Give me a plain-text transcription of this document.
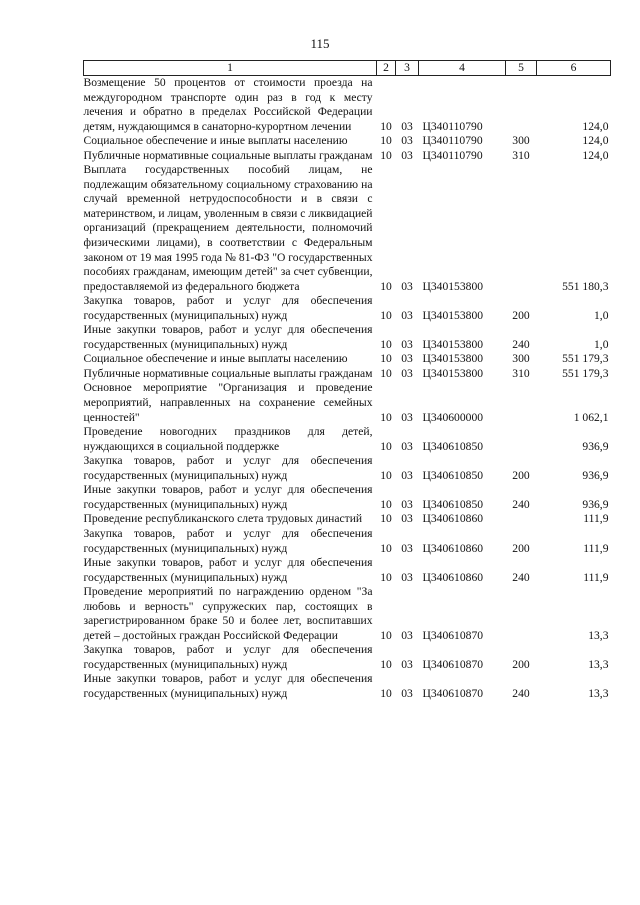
115
1	2	3	4	5	6
Возмещение 50 процентов от стоимости проезда на междугородном транспорте один раз в год к месту лечения и обратно в пределах Российской Федерации детям, нуждающимся в санаторно-курортном лечении	10	03	Ц340110790		124,0
Социальное обеспечение и иные выплаты населению	10	03	Ц340110790	300	124,0
Публичные нормативные социальные выплаты гражданам	10	03	Ц340110790	310	124,0
Выплата государственных пособий лицам, не подлежащим обязательному социальному страхованию на случай временной нетрудоспособности и в связи с материнством, и лицам, уволенным в связи с ликвидацией организаций (прекращением деятельности, полномочий физическими лицами), в соответствии с Федеральным законом от 19 мая 1995 года № 81-ФЗ "О государственных пособиях гражданам, имеющим детей" за счет субвенции, предоставляемой из федерального бюджета	10	03	Ц340153800		551 180,3
Закупка товаров, работ и услуг для обеспечения государственных (муниципальных) нужд	10	03	Ц340153800	200	1,0
Иные закупки товаров, работ и услуг для обеспечения государственных (муниципальных) нужд	10	03	Ц340153800	240	1,0
Социальное обеспечение и иные выплаты населению	10	03	Ц340153800	300	551 179,3
Публичные нормативные социальные выплаты гражданам	10	03	Ц340153800	310	551 179,3
Основное мероприятие "Организация и проведение мероприятий, направленных на сохранение семейных ценностей"	10	03	Ц340600000		1 062,1
Проведение новогодних праздников для детей, нуждающихся в социальной поддержке	10	03	Ц340610850		936,9
Закупка товаров, работ и услуг для обеспечения государственных (муниципальных) нужд	10	03	Ц340610850	200	936,9
Иные закупки товаров, работ и услуг для обеспечения государственных (муниципальных) нужд	10	03	Ц340610850	240	936,9
Проведение республиканского слета трудовых династий	10	03	Ц340610860		111,9
Закупка товаров, работ и услуг для обеспечения государственных (муниципальных) нужд	10	03	Ц340610860	200	111,9
Иные закупки товаров, работ и услуг для обеспечения государственных (муниципальных) нужд	10	03	Ц340610860	240	111,9
Проведение мероприятий по награждению орденом "За любовь и верность" супружеских пар, состоящих в зарегистрированном браке 50 и более лет, воспитавших детей – достойных граждан Российской Федерации	10	03	Ц340610870		13,3
Закупка товаров, работ и услуг для обеспечения государственных (муниципальных) нужд	10	03	Ц340610870	200	13,3
Иные закупки товаров, работ и услуг для обеспечения государственных (муниципальных) нужд	10	03	Ц340610870	240	13,3
